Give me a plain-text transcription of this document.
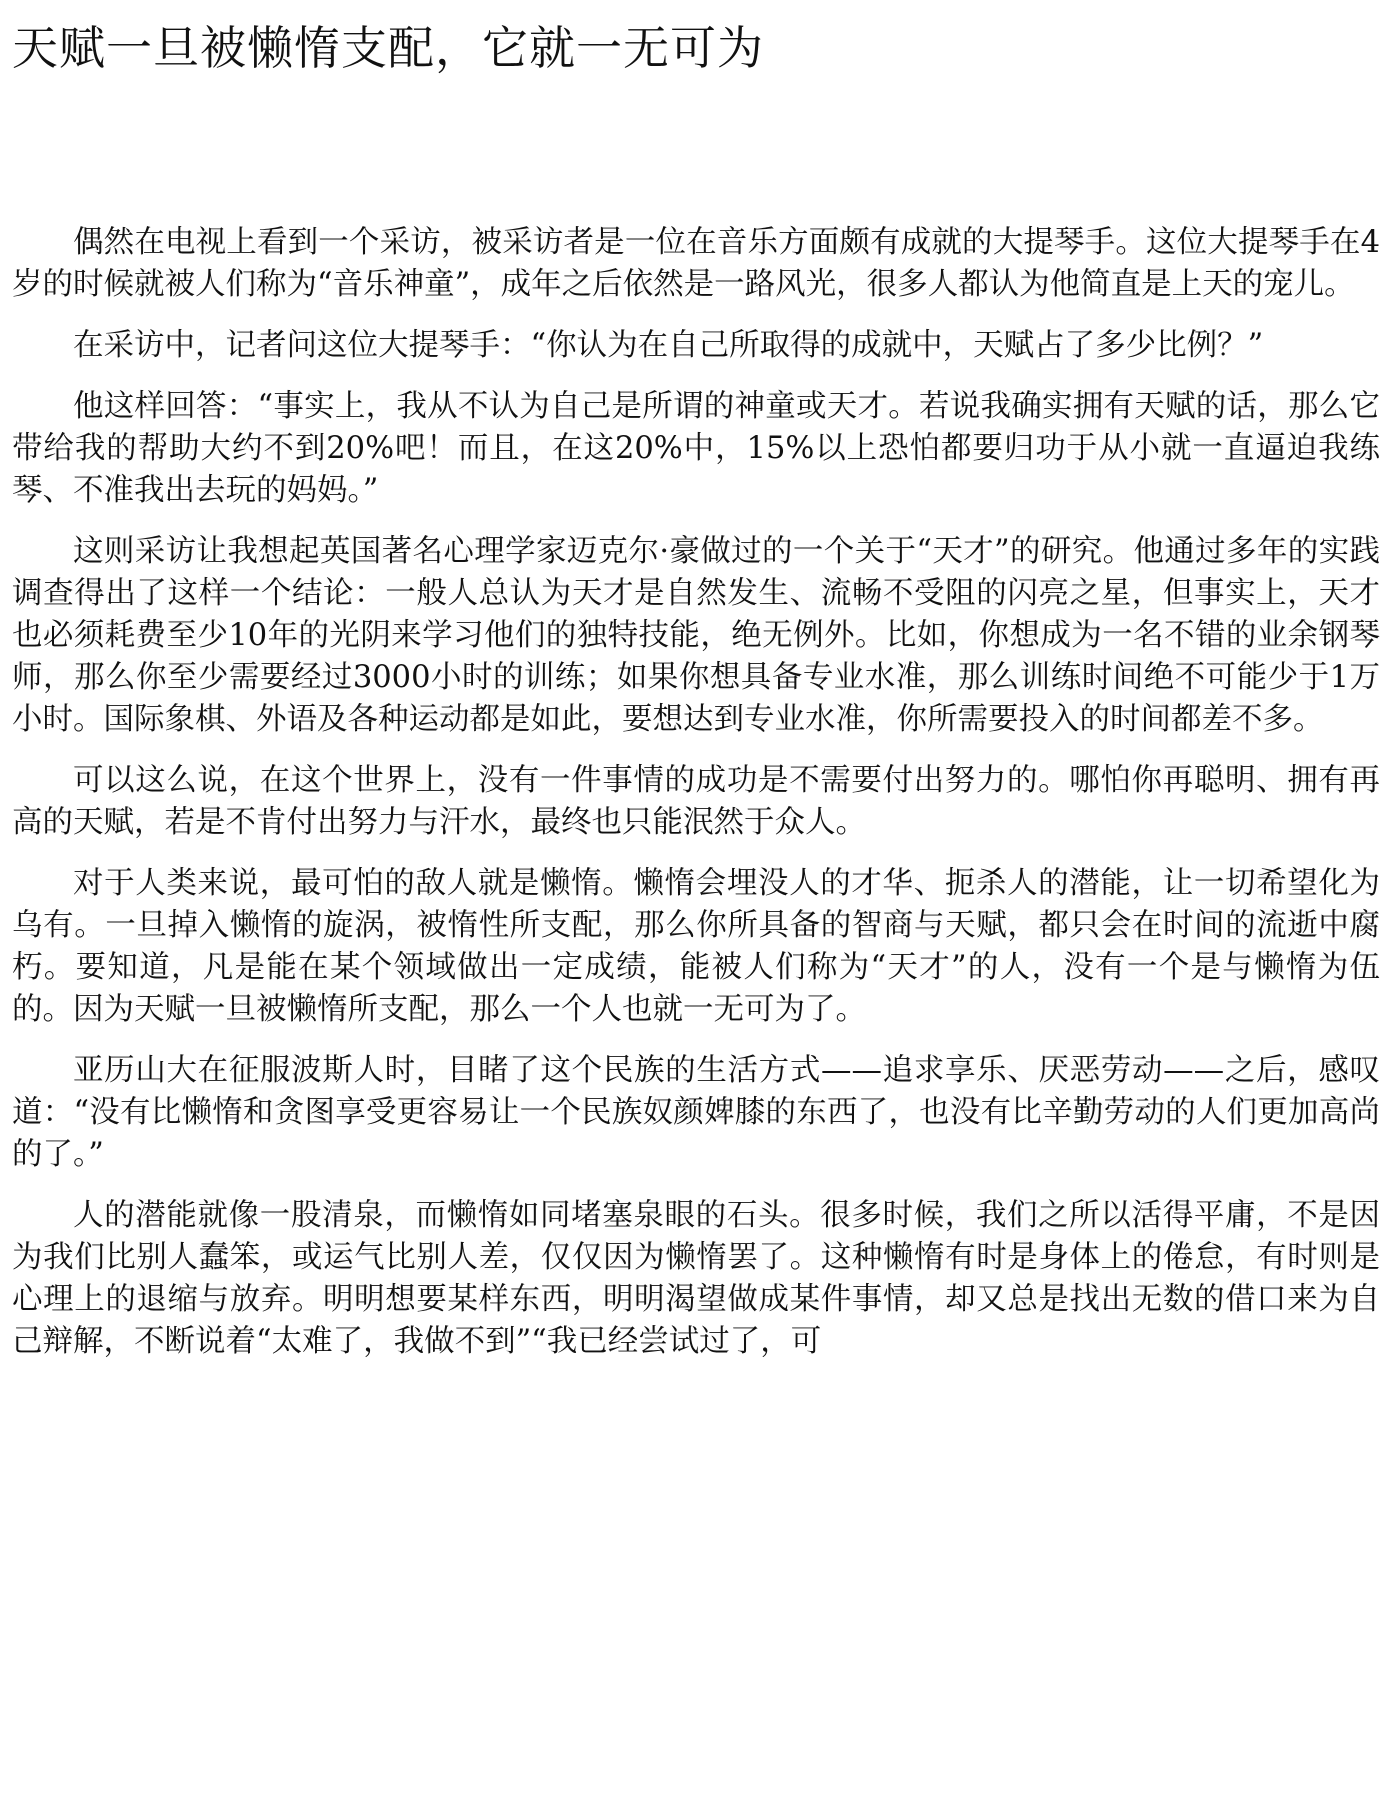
天赋一旦被懒惰支配，它就一无可为

偶然在电视上看到一个采访，被采访者是一位在音乐方面颇有成就的大提琴手。这位大提琴手在4岁的时候就被人们称为“音乐神童”，成年之后依然是一路风光，很多人都认为他简直是上天的宠儿。

在采访中，记者问这位大提琴手：“你认为在自己所取得的成就中，天赋占了多少比例？”

他这样回答：“事实上，我从不认为自己是所谓的神童或天才。若说我确实拥有天赋的话，那么它带给我的帮助大约不到20%吧！而且，在这20%中，15%以上恐怕都要归功于从小就一直逼迫我练琴、不准我出去玩的妈妈。”

这则采访让我想起英国著名心理学家迈克尔·豪做过的一个关于“天才”的研究。他通过多年的实践调查得出了这样一个结论：一般人总认为天才是自然发生、流畅不受阻的闪亮之星，但事实上，天才也必须耗费至少10年的光阴来学习他们的独特技能，绝无例外。比如，你想成为一名不错的业余钢琴师，那么你至少需要经过3000小时的训练；如果你想具备专业水准，那么训练时间绝不可能少于1万小时。国际象棋、外语及各种运动都是如此，要想达到专业水准，你所需要投入的时间都差不多。

可以这么说，在这个世界上，没有一件事情的成功是不需要付出努力的。哪怕你再聪明、拥有再高的天赋，若是不肯付出努力与汗水，最终也只能泯然于众人。

对于人类来说，最可怕的敌人就是懒惰。懒惰会埋没人的才华、扼杀人的潜能，让一切希望化为乌有。一旦掉入懒惰的旋涡，被惰性所支配，那么你所具备的智商与天赋，都只会在时间的流逝中腐朽。要知道，凡是能在某个领域做出一定成绩，能被人们称为“天才”的人，没有一个是与懒惰为伍的。因为天赋一旦被懒惰所支配，那么一个人也就一无可为了。

亚历山大在征服波斯人时，目睹了这个民族的生活方式——追求享乐、厌恶劳动——之后，感叹道：“没有比懒惰和贪图享受更容易让一个民族奴颜婢膝的东西了，也没有比辛勤劳动的人们更加高尚的了。”

人的潜能就像一股清泉，而懒惰如同堵塞泉眼的石头。很多时候，我们之所以活得平庸，不是因为我们比别人蠢笨，或运气比别人差，仅仅因为懒惰罢了。这种懒惰有时是身体上的倦怠，有时则是心理上的退缩与放弃。明明想要某样东西，明明渴望做成某件事情，却又总是找出无数的借口来为自己辩解，不断说着“太难了，我做不到”“我已经尝试过了，可
